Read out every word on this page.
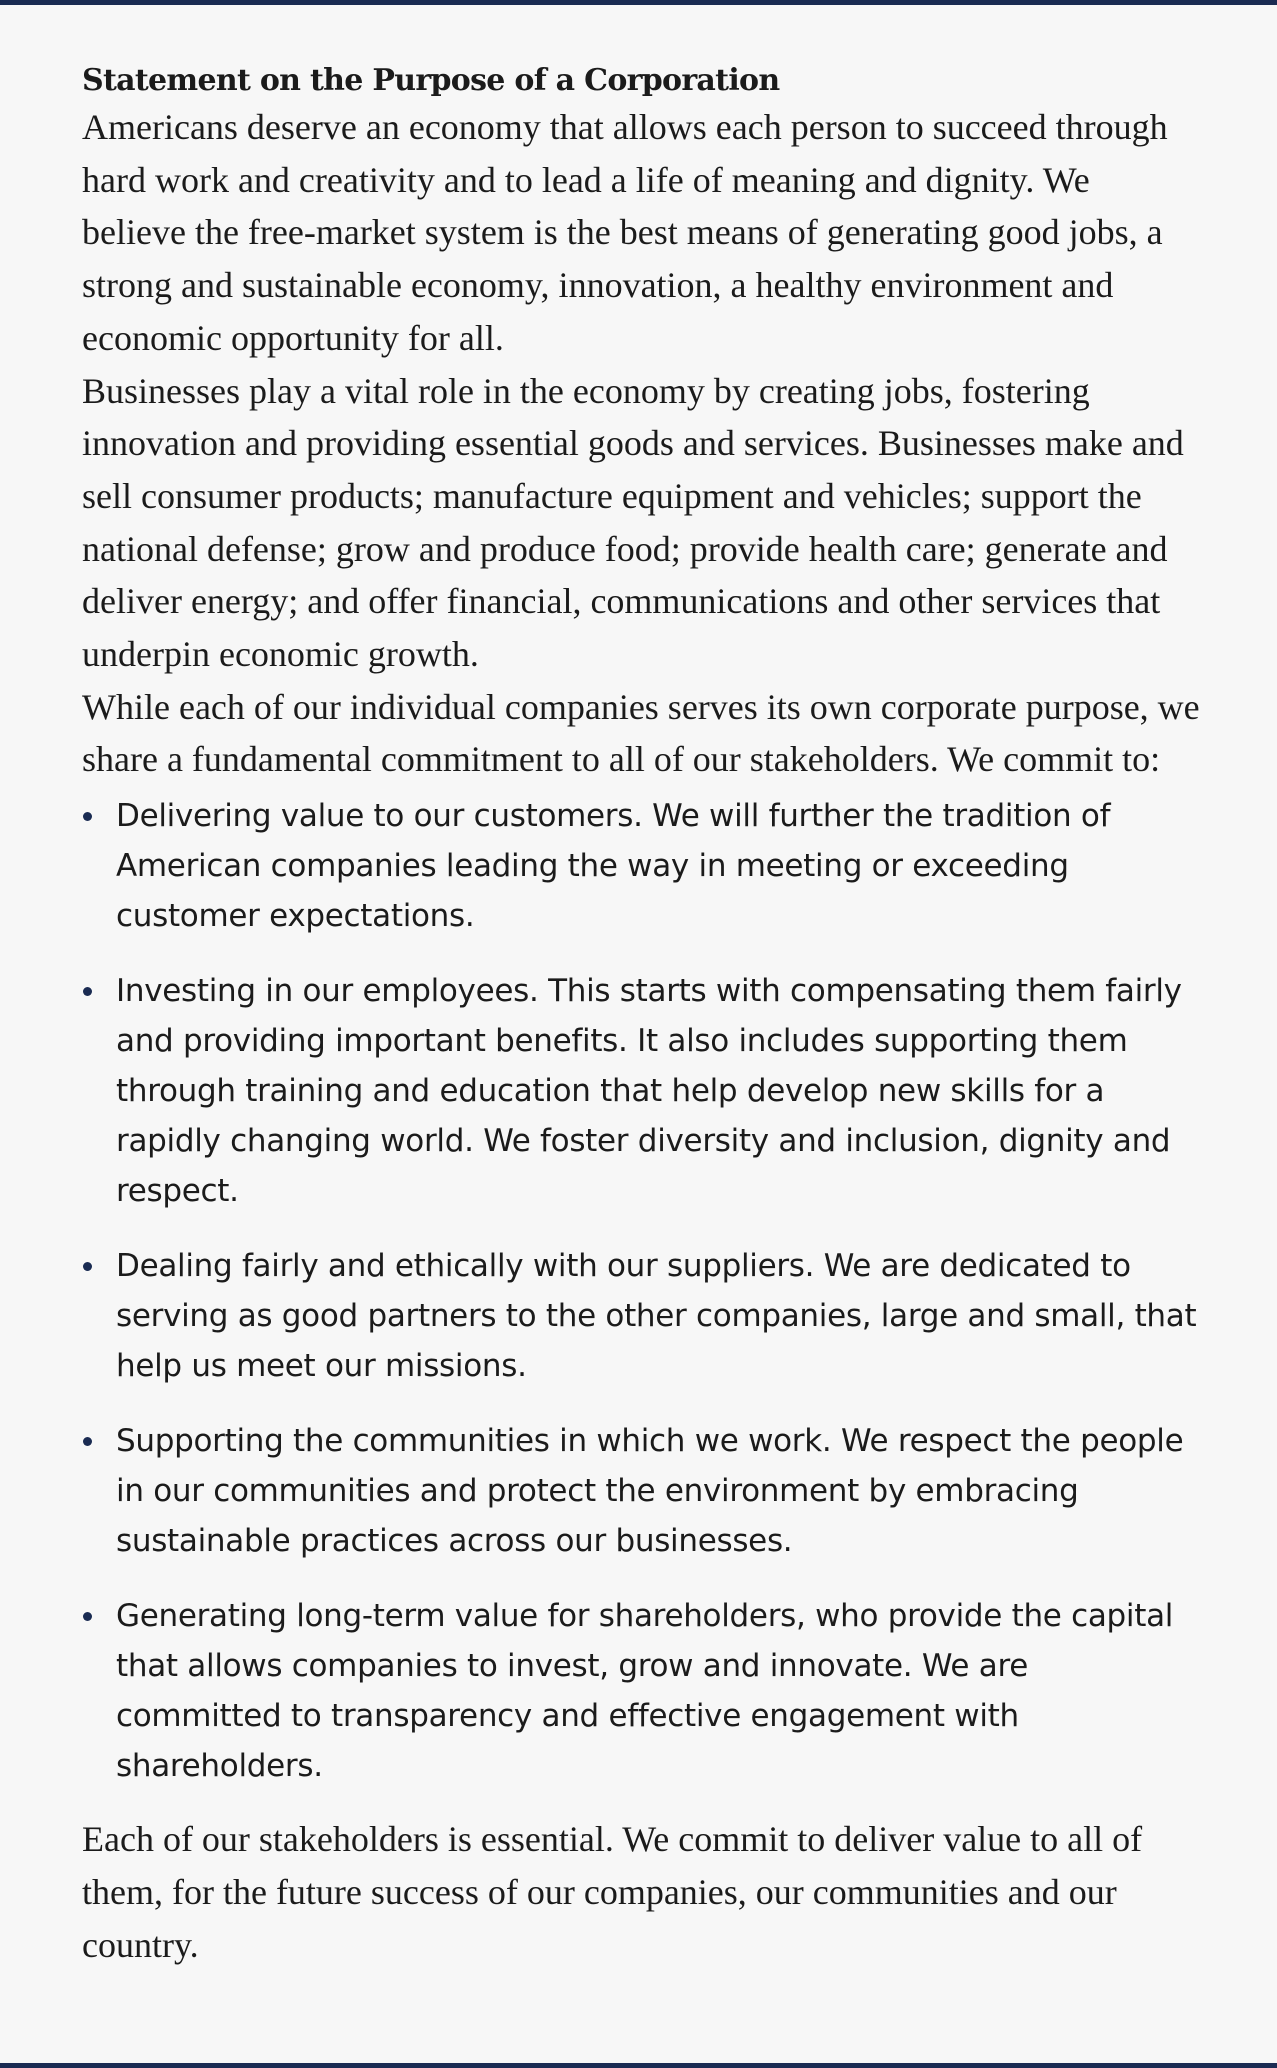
Statement on the Purpose of a Corporation

Americans deserve an economy that allows each person to succeed through hard work and creativity and to lead a life of meaning and dignity. We believe the free-market system is the best means of generating good jobs, a strong and sustainable economy, innovation, a healthy environment and economic opportunity for all.

Businesses play a vital role in the economy by creating jobs, fostering innovation and providing essential goods and services. Businesses make and sell consumer products; manufacture equipment and vehicles; support the national defense; grow and produce food; provide health care; generate and deliver energy; and offer financial, communications and other services that underpin economic growth.

While each of our individual companies serves its own corporate purpose, we share a fundamental commitment to all of our stakeholders. We commit to:

Delivering value to our customers. We will further the tradition of American companies leading the way in meeting or exceeding customer expectations.
Investing in our employees. This starts with compensating them fairly and providing important benefits. It also includes supporting them through training and education that help develop new skills for a rapidly changing world. We foster diversity and inclusion, dignity and respect.
Dealing fairly and ethically with our suppliers. We are dedicated to serving as good partners to the other companies, large and small, that help us meet our missions.
Supporting the communities in which we work. We respect the people in our communities and protect the environment by embracing sustainable practices across our businesses.
Generating long-term value for shareholders, who provide the capital that allows companies to invest, grow and innovate. We are committed to transparency and effective engagement with shareholders.

Each of our stakeholders is essential. We commit to deliver value to all of them, for the future success of our companies, our communities and our country.
